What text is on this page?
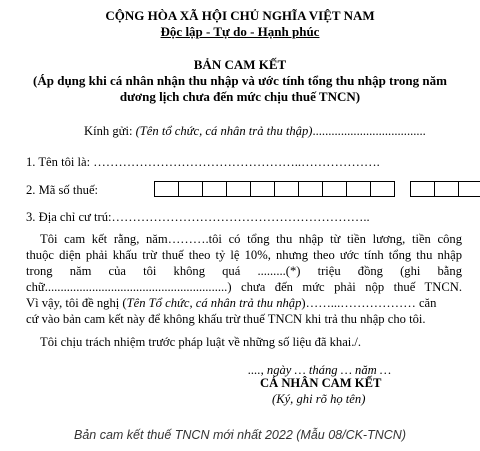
CỘNG HÒA XÃ HỘI CHỦ NGHĨA VIỆT NAM
Độc lập - Tự do - Hạnh phúc
BẢN CAM KẾT
(Áp dụng khi cá nhân nhận thu nhập và ước tính tổng thu nhập trong năm
dương lịch chưa đến mức chịu thuế TNCN)
Kính gửi: (Tên tổ chức, cá nhân trả thu thập)....................................
1. Tên tôi là: …………………………………………..……………….
2. Mã số thuế:
3. Địa chỉ cư trú:……………………………………………………..
Tôi cam kết rằng, năm……….tôi có tổng thu nhập từ tiền lương, tiền công
thuộc diện phải khấu trừ thuế theo tỷ lệ 10%, nhưng theo ước tính tổng thu nhập
trong năm của tôi không quá .........(*) triệu đồng (ghi bằng
chữ..........................................................) chưa đến mức phải nộp thuế TNCN.
Vì vậy, tôi đề nghị (Tên Tổ chức, cá nhân trả thu nhập)……...……………… căn
cứ vào bản cam kết này để không khấu trừ thuế TNCN khi trả thu nhập cho tôi.
Tôi chịu trách nhiệm trước pháp luật về những số liệu đã khai./.
...., ngày … tháng … năm …
CÁ NHÂN CAM KẾT
(Ký, ghi rõ họ tên)
Bản cam kết thuế TNCN mới nhất 2022 (Mẫu 08/CK-TNCN)
